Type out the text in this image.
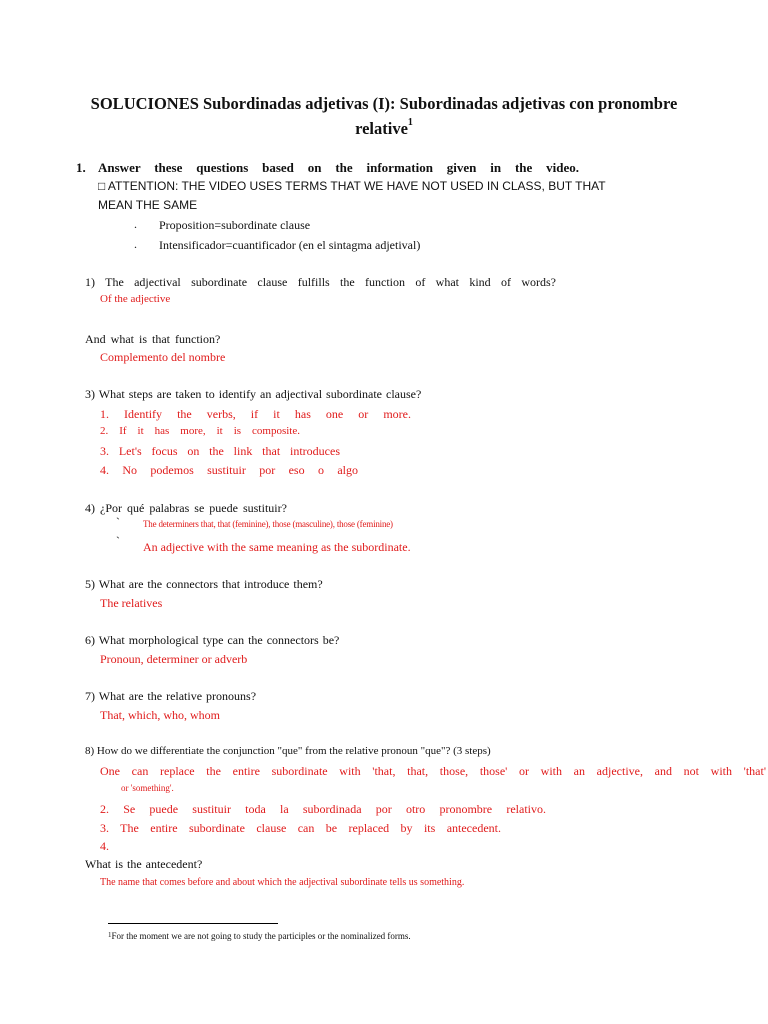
SOLUCIONES Subordinadas adjetivas (I): Subordinadas adjetivas con pronombre
relative$^1$
1. Answer these questions based on the information given in the video.
□ ATTENTION: THE VIDEO USES TERMS THAT WE HAVE NOT USED IN CLASS, BUT THAT
MEAN THE SAME
. Proposition=subordinate clause
. Intensificador=cuantificador (en el sintagma adjetival)
1) The adjectival subordinate clause fulfills the function of what kind of words?
Of the adjective
And what is that function?
Complemento del nombre
3) What steps are taken to identify an adjectival subordinate clause?
1. Identify the verbs, if it has one or more.
2. If it has more, it is composite.
3. Let's focus on the link that introduces
4. No podemos sustituir por eso o algo
4) ¿Por qué palabras se puede sustituir?
ˋ	The determiners that, that (feminine), those (masculine), those (feminine)
ˋ An adjective with the same meaning as the subordinate.
5) What are the connectors that introduce them?
The relatives
6) What morphological type can the connectors be?
Pronoun, determiner or adverb
7) What are the relative pronouns?
That, which, who, whom
8) How do we differentiate the conjunction "que" from the relative pronoun "que"? (3 steps)
One can replace the entire subordinate with 'that, that, those, those' or with an adjective, and not with 'that'
or 'something'.
2. Se puede sustituir toda la subordinada por otro pronombre relativo.
3. The entire subordinate clause can be replaced by its antecedent.
4.
What is the antecedent?
The name that comes before and about which the adjectival subordinate tells us something.
$^1$For the moment we are not going to study the participles or the nominalized forms.
